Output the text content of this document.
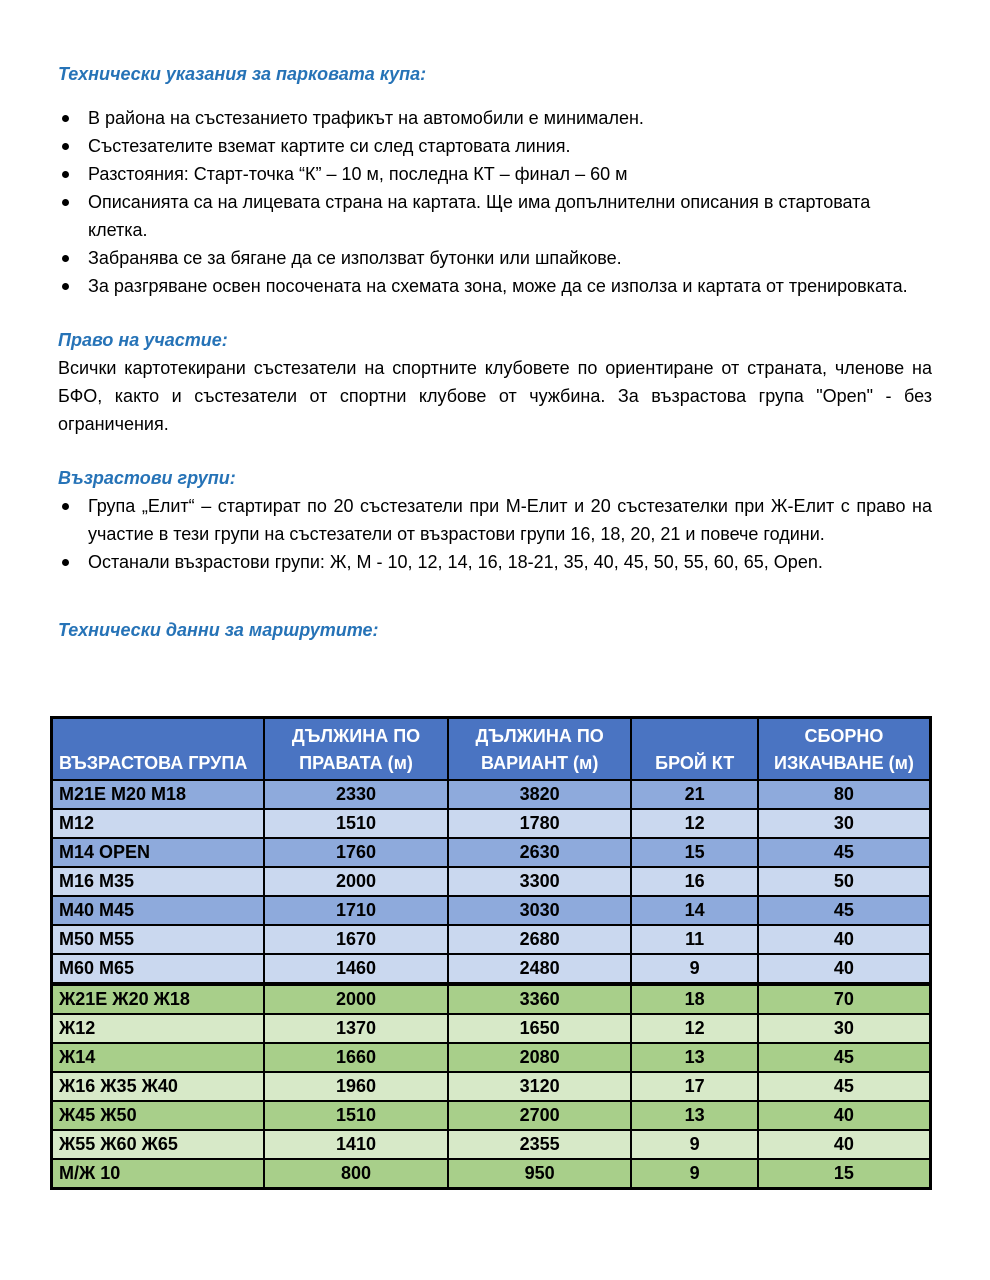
Технически указания за парковата купа:
В района на състезанието трафикът на автомобили е минимален.
Състезателите вземат картите си след стартовата линия.
Разстояния: Старт-точка “К” – 10 м, последна КТ – финал – 60 м
Описанията са на лицевата страна на картата. Ще има допълнителни описания в стартовата клетка.
Забранява се за бягане да се използват бутонки или шпайкове.
За разгряване освен посочената на схемата зона, може да се използа и картата от тренировката.
Право на участие:

Всички картотекирани състезатели на спортните клубовете по ориентиране от страната, членове на БФО, както и състезатели от спортни клубове от чужбина. За възрастова група "Open" - без ограничения.

Възрастови групи:
Група „Елит“ – стартират по 20 състезатели при М-Елит и 20 състезателки при Ж-Елит с право на участие в тези групи на състезатели от възрастови групи 16, 18, 20, 21 и повече години.
Останали възрастови групи: Ж, М - 10, 12, 14, 16, 18-21, 35, 40, 45, 50, 55, 60, 65, Open.
Технически данни за маршрутите:
ВЪЗРАСТОВА ГРУПА	ДЪЛЖИНА ПО ПРАВАТА (м)	ДЪЛЖИНА ПО ВАРИАНТ (м)	БРОЙ КТ	СБОРНО ИЗКАЧВАНЕ (м)
M21E M20 M18	2330	3820	21	80
M12	1510	1780	12	30
M14 OPEN	1760	2630	15	45
M16 M35	2000	3300	16	50
M40 M45	1710	3030	14	45
M50 M55	1670	2680	11	40
M60 M65	1460	2480	9	40
Ж21E Ж20 Ж18	2000	3360	18	70
Ж12	1370	1650	12	30
Ж14	1660	2080	13	45
Ж16 Ж35 Ж40	1960	3120	17	45
Ж45 Ж50	1510	2700	13	40
Ж55 Ж60 Ж65	1410	2355	9	40
M/Ж 10	800	950	9	15
